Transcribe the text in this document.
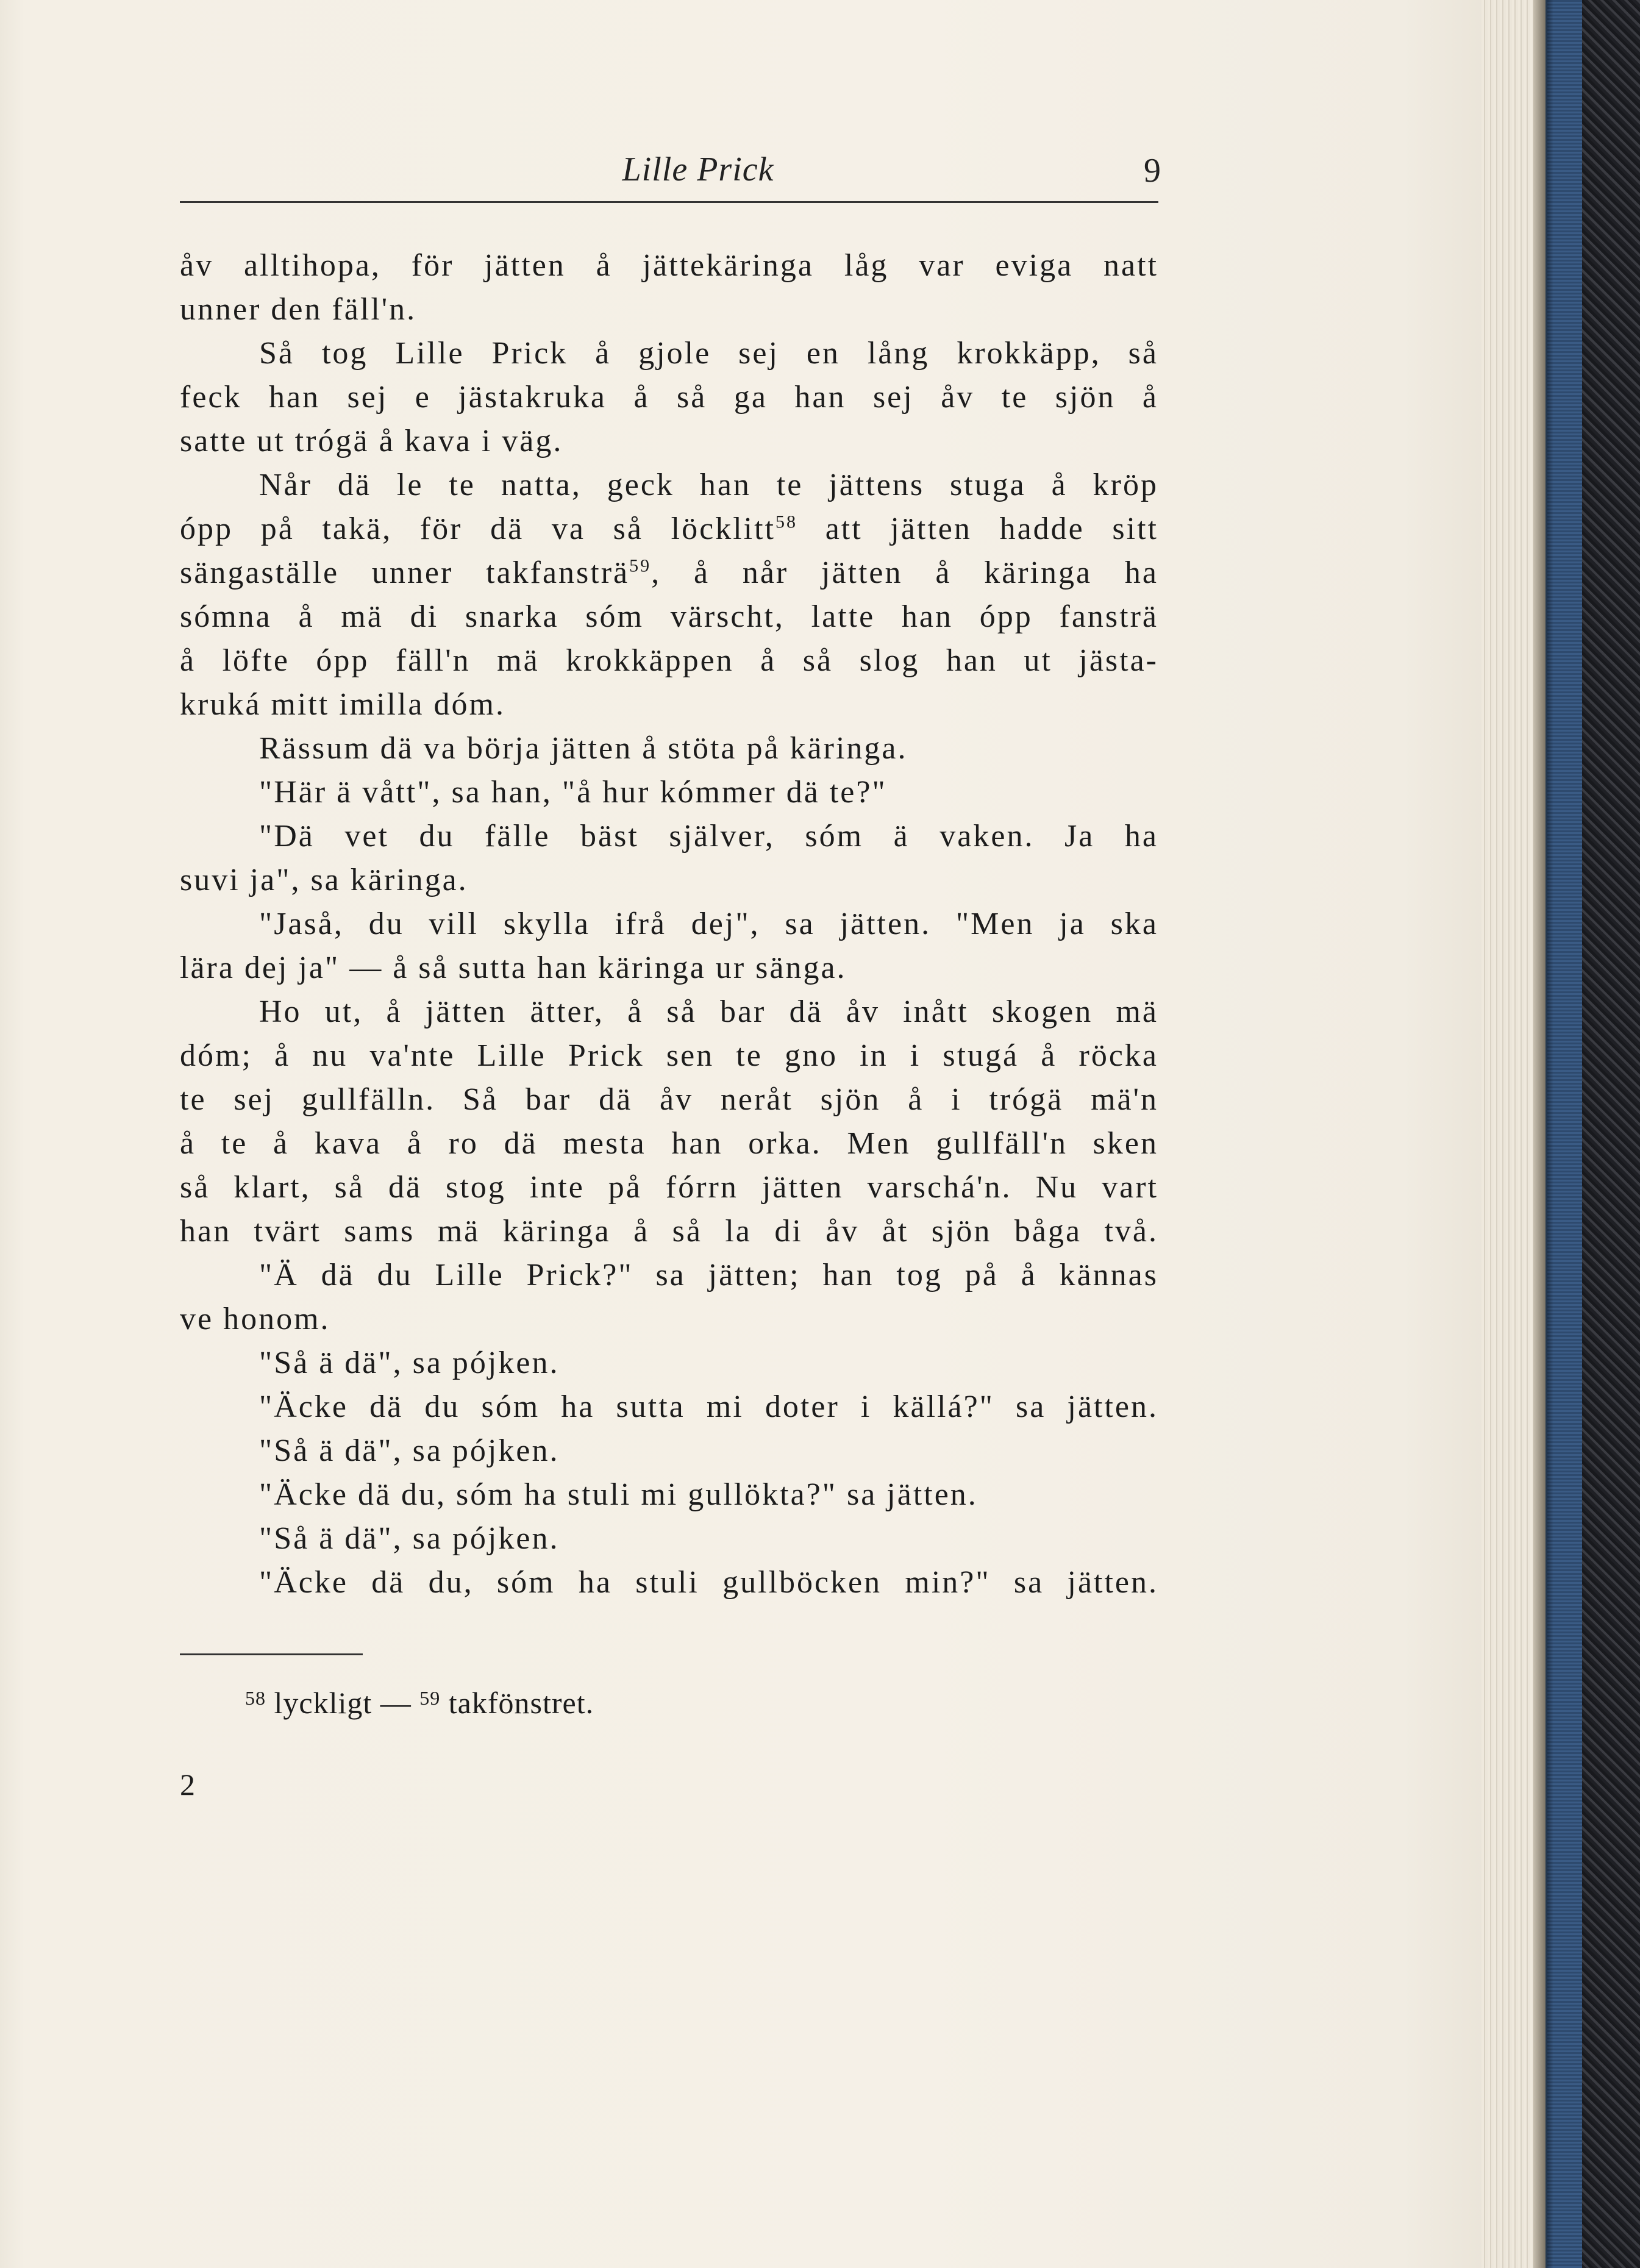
Lille Prick	9
åv alltihopa, för jätten å jättekäringa låg var eviga natt
unner den fäll'n.
Så tog Lille Prick å gjole sej en lång krokkäpp, så
feck han sej e jästakruka å så ga han sej åv te sjön å
satte ut trógä å kava i väg.
Når dä le te natta, geck han te jättens stuga å kröp
ópp på takä, för dä va så löcklitt$^{58}$ att jätten hadde sitt
sängaställe unner takfansträ$^{59}$, å når jätten å käringa ha
sómna å mä di snarka sóm värscht, latte han ópp fansträ
å löfte ópp fäll'n mä krokkäppen å så slog han ut jästa-
kruká mitt imilla dóm.
Rässum dä va börja jätten å stöta på käringa.
"Här ä vått", sa han, "å hur kómmer dä te?"
"Dä vet du fälle bäst själver, sóm ä vaken. Ja ha
suvi ja", sa käringa.
"Jaså, du vill skylla ifrå dej", sa jätten. "Men ja ska
lära dej ja" — å så sutta han käringa ur sänga.
Ho ut, å jätten ätter, å så bar dä åv inått skogen mä
dóm; å nu va'nte Lille Prick sen te gno in i stugá å röcka
te sej gullfälln. Så bar dä åv neråt sjön å i trógä mä'n
å te å kava å ro dä mesta han orka. Men gullfäll'n sken
så klart, så dä stog inte på fórrn jätten varschá'n. Nu vart
han tvärt sams mä käringa å så la di åv åt sjön båga två.
"Ä dä du Lille Prick?" sa jätten; han tog på å kännas
ve honom.
"Så ä dä", sa pójken.
"Äcke dä du sóm ha sutta mi doter i källá?" sa jätten.
"Så ä dä", sa pójken.
"Äcke dä du, sóm ha stuli mi gullökta?" sa jätten.
"Så ä dä", sa pójken.
"Äcke dä du, sóm ha stuli gullböcken min?" sa jätten.
$^{58}$ lyckligt — $^{59}$ takfönstret.
2
